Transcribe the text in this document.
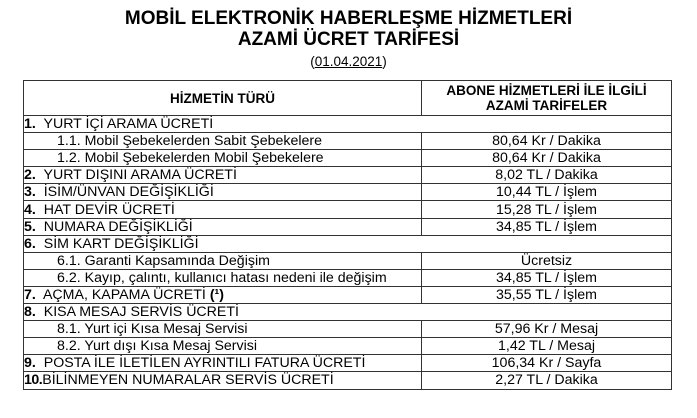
MOBİL ELEKTRONİK HABERLEŞME HİZMETLERİ
AZAMİ ÜCRET TARİFESİ
(01.04.2021)
HİZMETİN TÜRÜ	ABONE HİZMETLERİ İLE İLGİLİ
AZAMİ TARİFELER

1. YURT İÇİ ARAMA ÜCRETİ	
1.1. Mobil Şebekelerden Sabit Şebekelere	80,64 Kr / Dakika
1.2. Mobil Şebekelerden Mobil Şebekelere	80,64 Kr / Dakika
2. YURT DIŞINI ARAMA ÜCRETİ	8,02 TL / Dakika
3. İSİM/ÜNVAN DEĞİŞİKLİĞİ	10,44 TL / İşlem
4. HAT DEVİR ÜCRETİ	15,28 TL / İşlem
5. NUMARA DEĞİŞİKLİĞİ	34,85 TL / İşlem
6. SİM KART DEĞİŞİKLİĞİ	
6.1. Garanti Kapsamında Değişim	Ücretsiz
6.2. Kayıp, çalıntı, kullanıcı hatası nedeni ile değişim	34,85 TL / İşlem
7. AÇMA, KAPAMA ÜCRETİ (¹)	35,55 TL / İşlem
8. KISA MESAJ SERVİS ÜCRETİ	
8.1. Yurt içi Kısa Mesaj Servisi	57,96 Kr / Mesaj
8.2. Yurt dışı Kısa Mesaj Servisi	1,42 TL / Mesaj
9. POSTA İLE İLETİLEN AYRINTILI FATURA ÜCRETİ	106,34 Kr / Sayfa
10.BİLİNMEYEN NUMARALAR SERVİS ÜCRETİ	2,27 TL / Dakika
